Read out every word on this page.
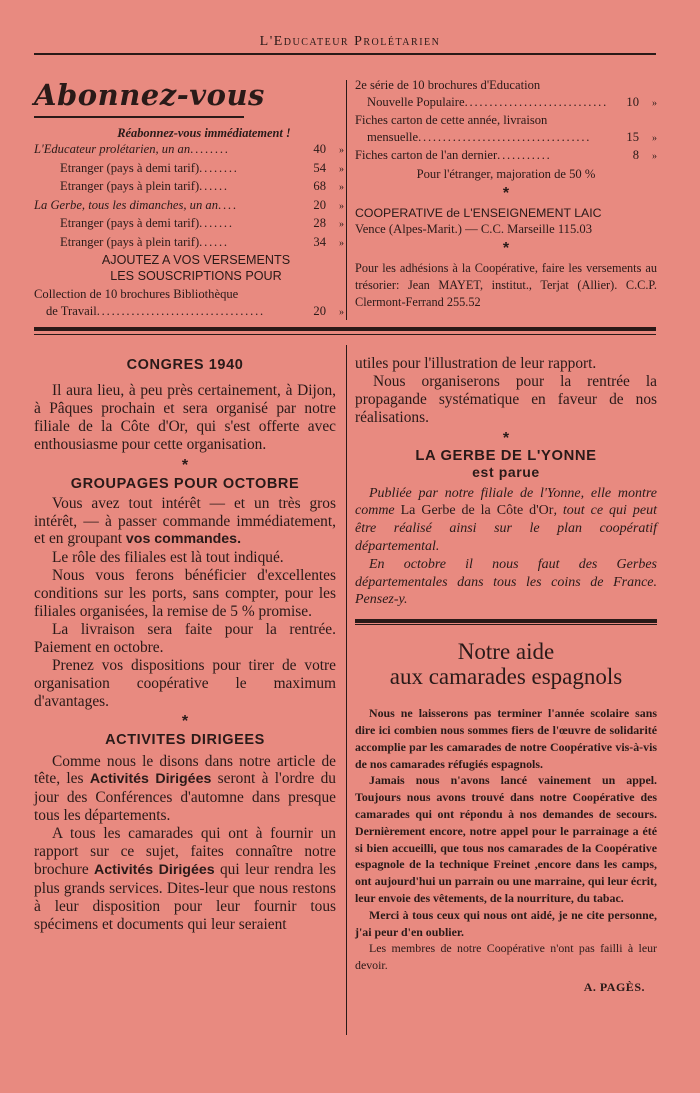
L'Educateur Prolétarien
Abonnez-vous
Réabonnez-vous immédiatement !
L'Educateur prolétarien, un an ........	40	»
Etranger (pays à demi tarif) ........	54	»
Etranger (pays à plein tarif) ......	68	»
La Gerbe, tous les dimanches, un an ....	20	»
Etranger (pays à demi tarif) .......	28	»
Etranger (pays à plein tarif) ......	34	»
AJOUTEZ A VOS VERSEMENTS
LES SOUSCRIPTIONS POUR
Collection de 10 brochures Bibliothèque
de Travail ..................................	20	»
2e série de 10 brochures d'Education
Nouvelle Populaire .............................	10	»
Fiches carton de cette année, livraison
mensuelle ...................................	15	»
Fiches carton de l'an dernier ...........	8	»
Pour l'étranger, majoration de 50 %
*
COOPERATIVE de L'ENSEIGNEMENT LAIC
Vence (Alpes-Marit.) — C.C. Marseille 115.03
*
Pour les adhésions à la Coopérative, faire les versements au trésorier: Jean MAYET, institut., Terjat (Allier). C.C.P. Clermont-Ferrand 255.52
CONGRES 1940

Il aura lieu, à peu près certainement, à Dijon, à Pâques prochain et sera organisé par notre filiale de la Côte d'Or, qui s'est offerte avec enthousiasme pour cette organisation.

*
GROUPAGES POUR OCTOBRE

Vous avez tout intérêt — et un très gros intérêt, — à passer commande immédiatement, et en groupant vos commandes.

Le rôle des filiales est là tout indiqué.

Nous vous ferons bénéficier d'excellentes conditions sur les ports, sans compter, pour les filiales organisées, la remise de 5 % promise.

La livraison sera faite pour la rentrée. Paiement en octobre.

Prenez vos dispositions pour tirer de votre organisation coopérative le maximum d'avantages.

*
ACTIVITES DIRIGEES

Comme nous le disons dans notre article de tête, les Activités Dirigées seront à l'ordre du jour des Conférences d'automne dans presque tous les départements.

A tous les camarades qui ont à fournir un rapport sur ce sujet, faites connaître notre brochure Activités Dirigées qui leur rendra les plus grands services. Dites-leur que nous restons à leur disposition pour leur fournir tous spécimens et documents qui leur seraient

utiles pour l'illustration de leur rapport.

Nous organiserons pour la rentrée la propagande systématique en faveur de nos réalisations.

*
LA GERBE DE L'YONNE
est parue

Publiée par notre filiale de l'Yonne, elle montre comme La Gerbe de la Côte d'Or, tout ce qui peut être réalisé ainsi sur le plan coopératif départemental.

En octobre il nous faut des Gerbes départementales dans tous les coins de France. Pensez-y.

Notre aide
aux camarades espagnols

Nous ne laisserons pas terminer l'année scolaire sans dire ici combien nous sommes fiers de l'œuvre de solidarité accomplie par les camarades de notre Coopérative vis-à-vis de nos camarades réfugiés espagnols.

Jamais nous n'avons lancé vainement un appel. Toujours nous avons trouvé dans notre Coopérative des camarades qui ont répondu à nos demandes de secours. Dernièrement encore, notre appel pour le parrainage a été si bien accueilli, que tous nos camarades de la Coopérative espagnole de la technique Freinet ,encore dans les camps, ont aujourd'hui un parrain ou une marraine, qui leur écrit, leur envoie des vêtements, de la nourriture, du tabac.

Merci à tous ceux qui nous ont aidé, je ne cite personne, j'ai peur d'en oublier.

Les membres de notre Coopérative n'ont pas failli à leur devoir.

A. PAGÈS.
